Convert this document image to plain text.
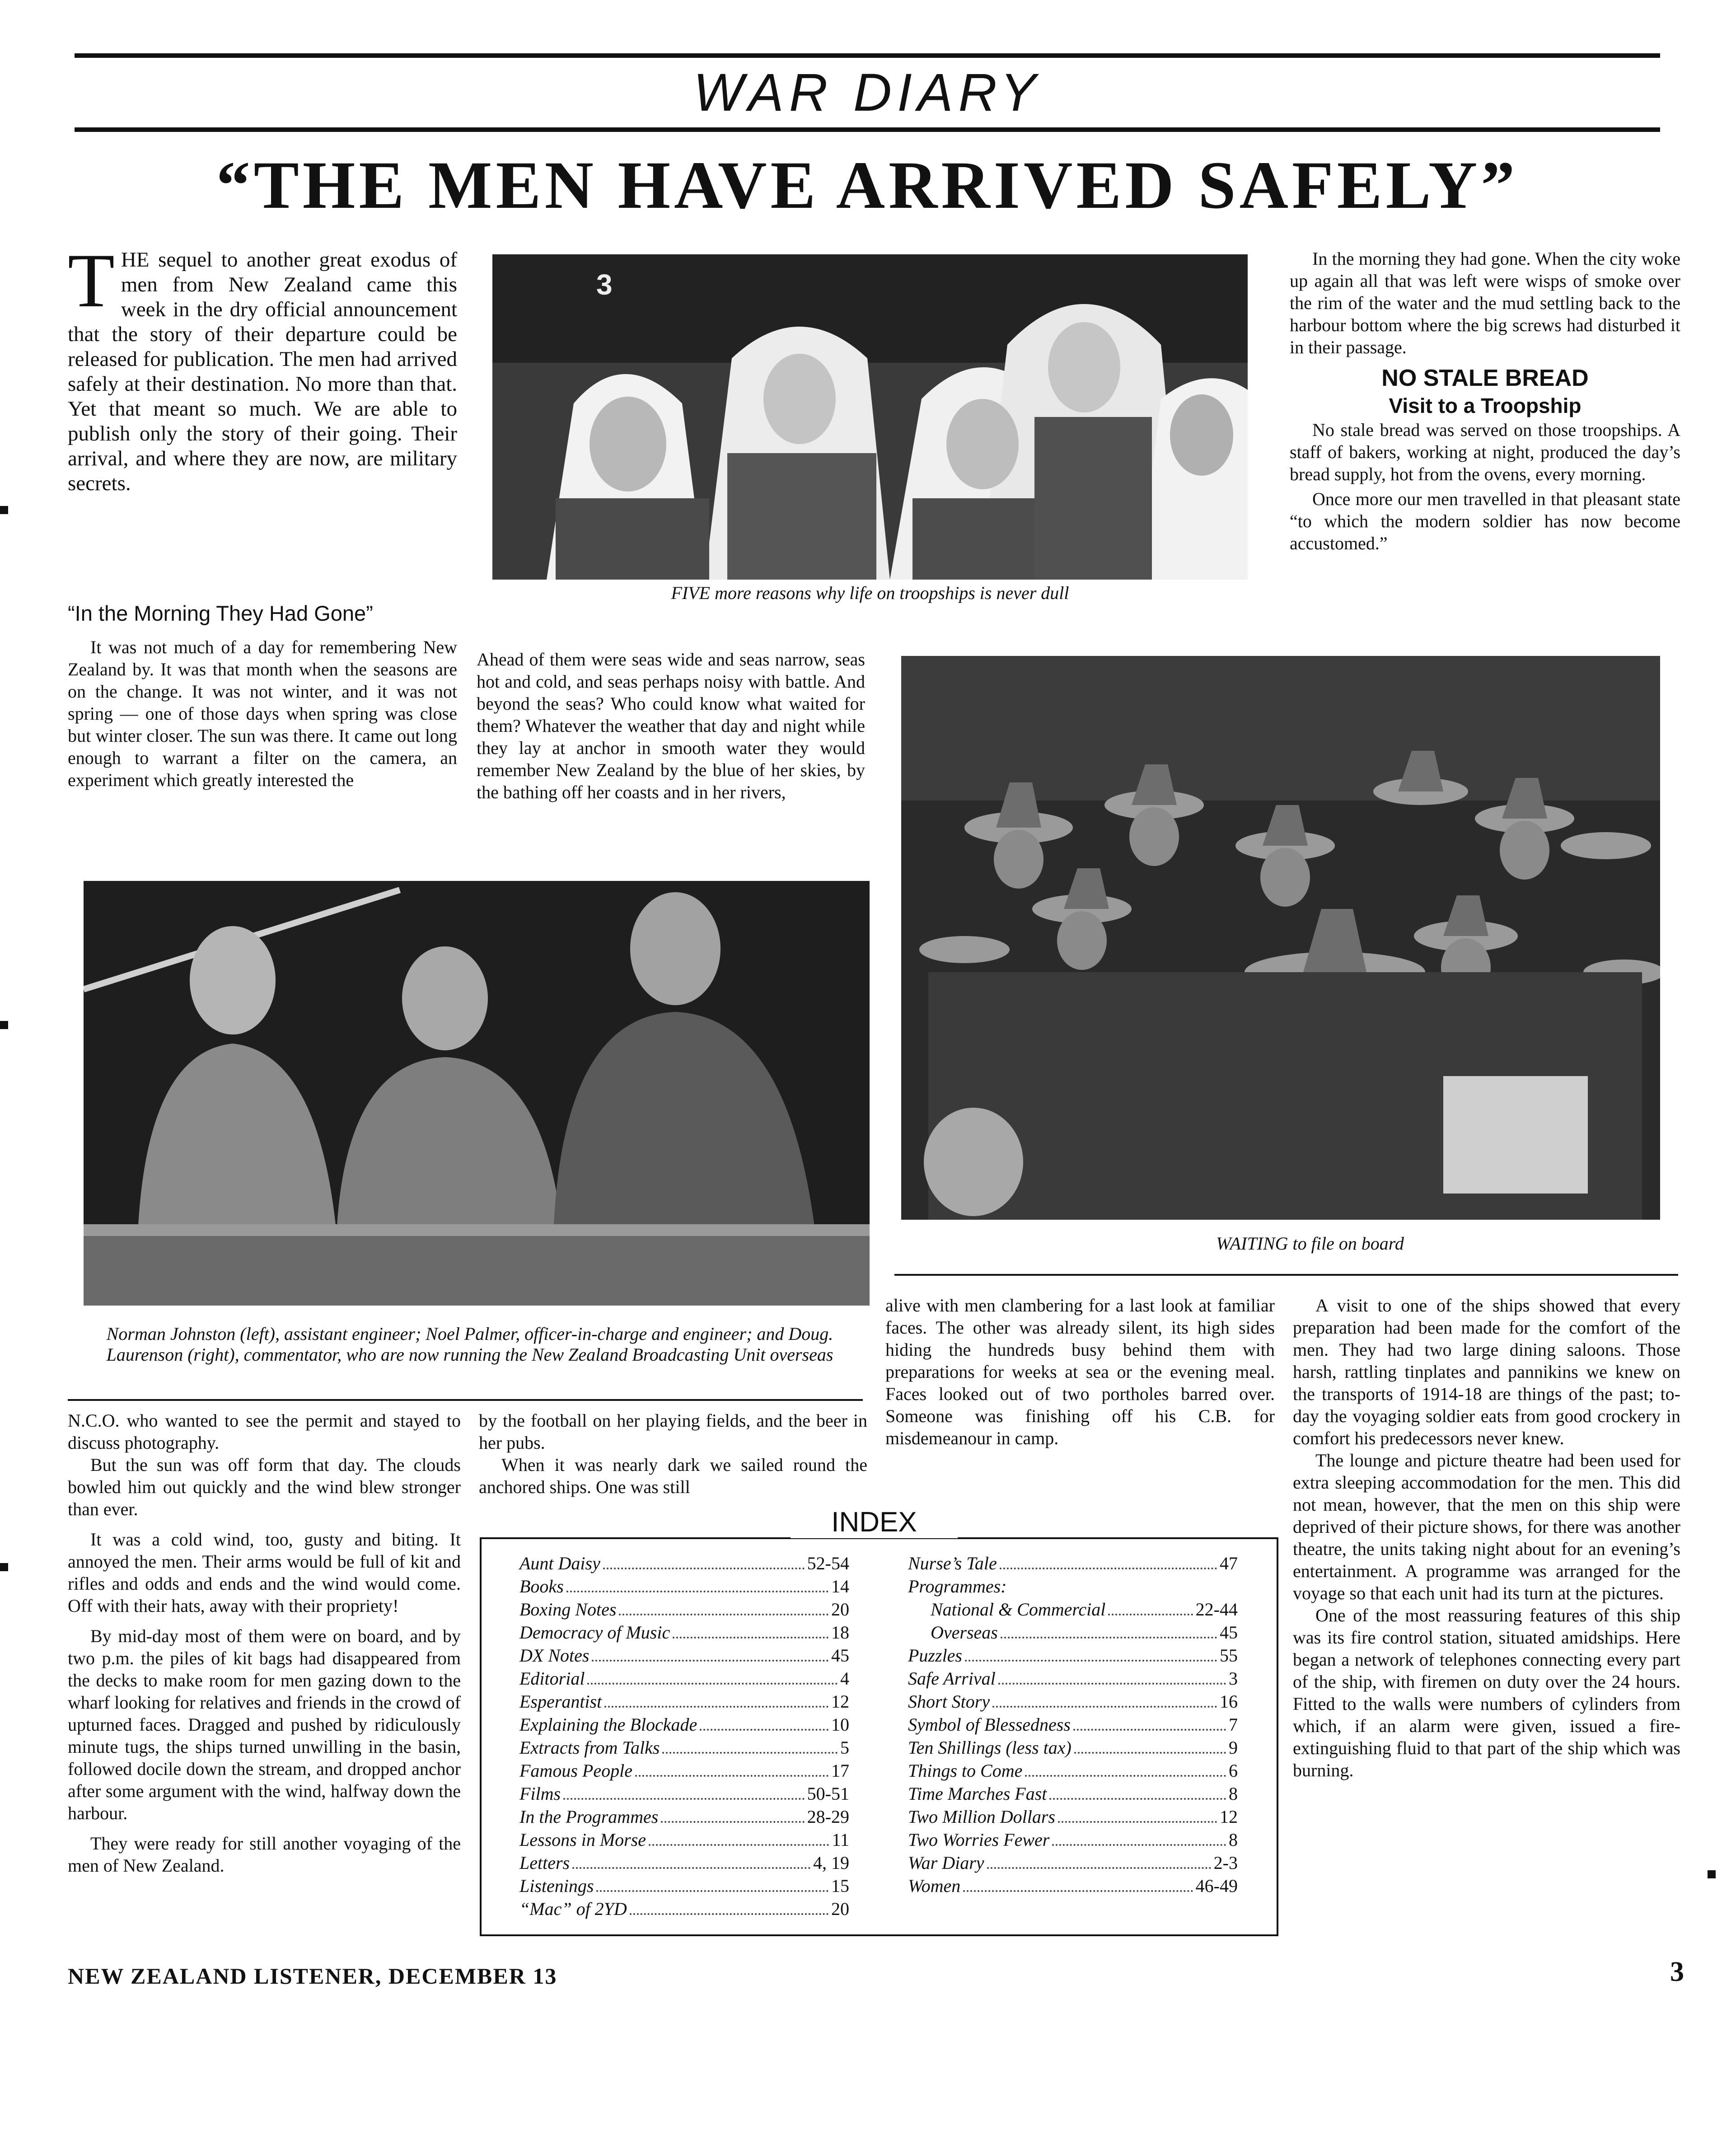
WAR DIARY
“THE MEN HAVE ARRIVED SAFELY”
THE sequel to another great exodus of men from New Zealand came this week in the dry official announcement that the story of their departure could be released for publication. The men had arrived safely at their destination. No more than that. Yet that meant so much. We are able to publish only the story of their going. Their arrival, and where they are now, are military secrets.
3
FIVE more reasons why life on troopships is never dull

In the morning they had gone. When the city woke up again all that was left were wisps of smoke over the rim of the water and the mud settling back to the harbour bottom where the big screws had disturbed it in their passage.

NO STALE BREAD
Visit to a Troopship

No stale bread was served on those troopships. A staff of bakers, working at night, produced the day’s bread supply, hot from the ovens, every morning.

Once more our men travelled in that pleasant state “to which the modern soldier has now become accustomed.”

“In the Morning They Had Gone”

It was not much of a day for remembering New Zealand by. It was that month when the seasons are on the change. It was not winter, and it was not spring — one of those days when spring was close but winter closer. The sun was there. It came out long enough to warrant a filter on the camera, an experiment which greatly interested the

Ahead of them were seas wide and seas narrow, seas hot and cold, and seas perhaps noisy with battle. And beyond the seas? Who could know what waited for them? Whatever the weather that day and night while they lay at anchor in smooth water they would remember New Zealand by the blue of her skies, by the bathing off her coasts and in her rivers,

WAITING to file on board
Norman Johnston (left), assistant engineer; Noel Palmer, officer-in-charge and engineer; and Doug. Laurenson (right), commentator, who are now running the New Zealand Broadcasting Unit overseas

N.C.O. who wanted to see the permit and stayed to discuss photography.

But the sun was off form that day. The clouds bowled him out quickly and the wind blew stronger than ever.

It was a cold wind, too, gusty and biting. It annoyed the men. Their arms would be full of kit and rifles and odds and ends and the wind would come. Off with their hats, away with their propriety!

By mid-day most of them were on board, and by two p.m. the piles of kit bags had disappeared from the decks to make room for men gazing down to the wharf looking for relatives and friends in the crowd of upturned faces. Dragged and pushed by ridiculously minute tugs, the ships turned unwilling in the basin, followed docile down the stream, and dropped anchor after some argument with the wind, halfway down the harbour.

They were ready for still another voyaging of the men of New Zealand.

by the football on her playing fields, and the beer in her pubs.

When it was nearly dark we sailed round the anchored ships. One was still

alive with men clambering for a last look at familiar faces. The other was already silent, its high sides hiding the hundreds busy behind them with preparations for weeks at sea or the evening meal. Faces looked out of two portholes barred over. Someone was finishing off his C.B. for misdemeanour in camp.

A visit to one of the ships showed that every preparation had been made for the comfort of the men. They had two large dining saloons. Those harsh, rattling tinplates and pannikins we knew on the transports of 1914-18 are things of the past; to-day the voyaging soldier eats from good crockery in comfort his predecessors never knew.

The lounge and picture theatre had been used for extra sleeping accommodation for the men. This did not mean, however, that the men on this ship were deprived of their picture shows, for there was another theatre, the units taking night about for an evening’s entertainment. A programme was arranged for the voyage so that each unit had its turn at the pictures.

One of the most reassuring features of this ship was its fire control station, situated amidships. Here began a network of telephones connecting every part of the ship, with firemen on duty over the 24 hours. Fitted to the walls were numbers of cylinders from which, if an alarm were given, issued a fire-extinguishing fluid to that part of the ship which was burning.

INDEX
Aunt Daisy	52-54
Books	14
Boxing Notes	20
Democracy of Music	18
DX Notes	45
Editorial	4
Esperantist	12
Explaining the Blockade	10
Extracts from Talks	5
Famous People	17
Films	50-51
In the Programmes	28-29
Lessons in Morse	11
Letters	4, 19
Listenings	15
“Mac” of 2YD	20
Nurse’s Tale	47
Programmes:
National & Commercial	22-44
Overseas	45
Puzzles	55
Safe Arrival	3
Short Story	16
Symbol of Blessedness	7
Ten Shillings (less tax)	9
Things to Come	6
Time Marches Fast	8
Two Million Dollars	12
Two Worries Fewer	8
War Diary	2-3
Women	46-49
NEW ZEALAND LISTENER, DECEMBER 13	3
